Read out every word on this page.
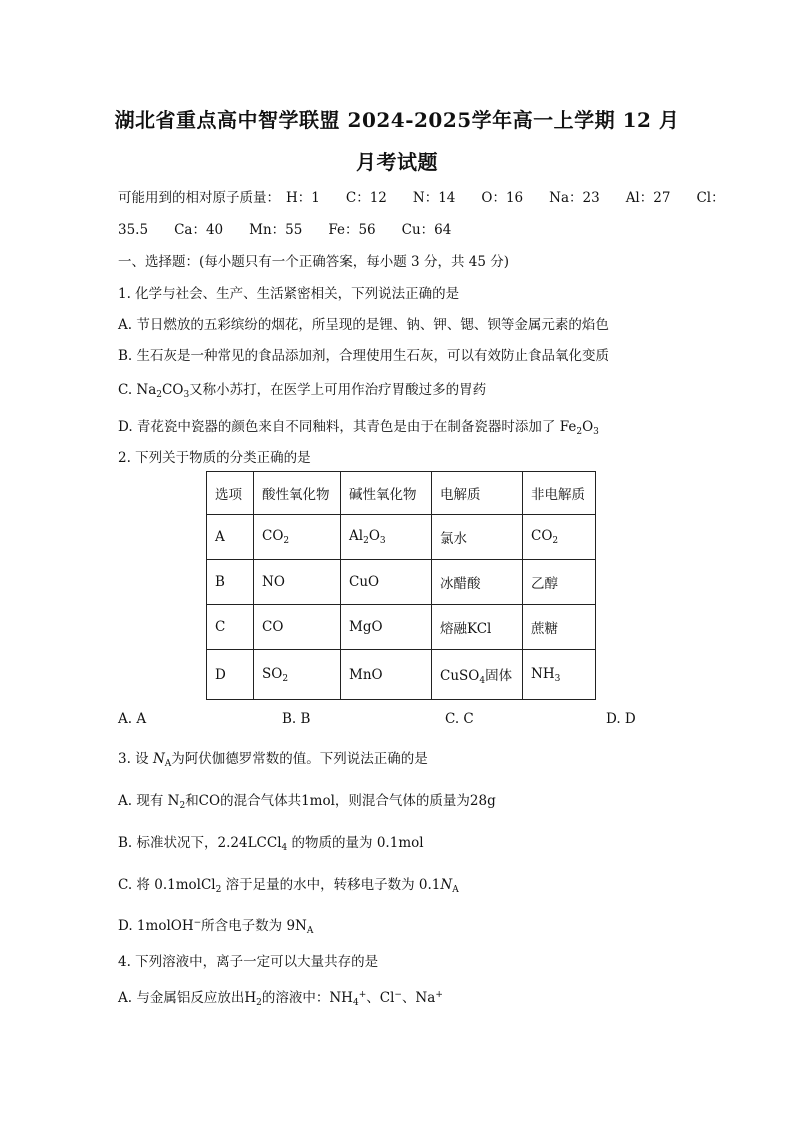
湖北省重点高中智学联盟 2024-2025学年高一上学期 12 月
月考试题
可能用到的相对原子质量： H：1 C：12 N：14 O：16 Na：23 Al：27 Cl：
35.5 Ca：40 Mn：55 Fe：56 Cu：64
一、选择题：(每小题只有一个正确答案，每小题 3 分，共 45 分)
1. 化学与社会、生产、生活紧密相关，下列说法正确的是
A. 节日燃放的五彩缤纷的烟花，所呈现的是锂、钠、钾、锶、钡等金属元素的焰色
B. 生石灰是一种常见的食品添加剂，合理使用生石灰，可以有效防止食品氧化变质
C. $Na_2CO_3$又称小苏打，在医学上可用作治疗胃酸过多的胃药
D. 青花瓷中瓷器的颜色来自不同釉料，其青色是由于在制备瓷器时添加了 $Fe_2O_3$
2. 下列关于物质的分类正确的是
选项	酸性氧化物	碱性氧化物	电解质	非电解质
A	$CO_2$	$Al_2O_3$	氯水	$CO_2$
B	NO	CuO	冰醋酸	乙醇
C	CO	MgO	熔融KCl	蔗糖
D	$SO_2$	MnO	CuSO$_4$固体	$NH_3$
A. A	B. B	C. C	D. D
3. 设 $N_A$为阿伏伽德罗常数的值。下列说法正确的是
A. 现有 $N_2$和CO的混合气体共1mol，则混合气体的质量为28g
B. 标准状况下，2.24LCCl$_4$ 的物质的量为 0.1mol
C. 将 0.1molCl$_2$ 溶于足量的水中，转移电子数为 $0.1N_A$
D. 1molOH−所含电子数为 $9N_A$
4. 下列溶液中，离子一定可以大量共存的是
A. 与金属铝反应放出$H_2$的溶液中：$NH_4^+$、Cl−、Na+
